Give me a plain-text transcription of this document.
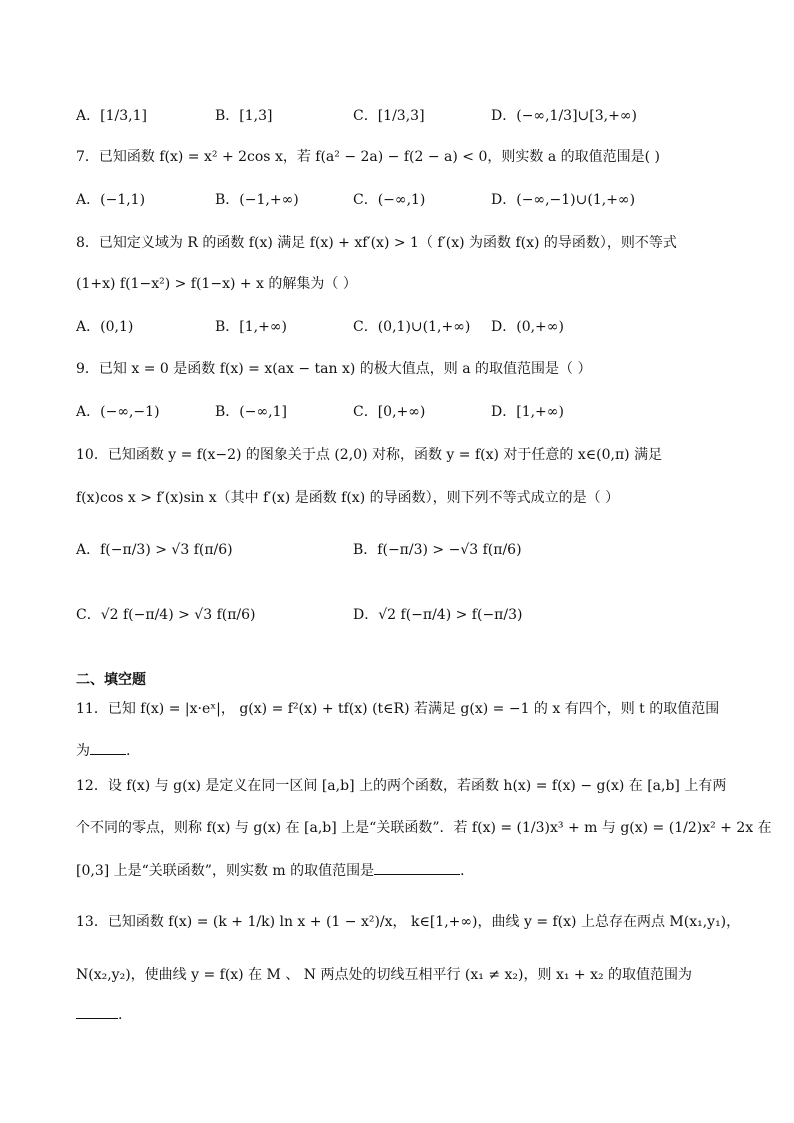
A．[1/3,1]	B．[1,3]	C．[1/3,3]	D．(−∞,1/3]∪[3,+∞)
7．已知函数 f(x) = x² + 2cos x，若 f(a² − 2a) − f(2 − a) < 0，则实数 a 的取值范围是( )
A．(−1,1)	B．(−1,+∞)	C．(−∞,1)	D．(−∞,−1)∪(1,+∞)
8．已知定义域为 R 的函数 f(x) 满足 f(x) + xf′(x) > 1（ f′(x) 为函数 f(x) 的导函数），则不等式
(1+x) f(1−x²) > f(1−x) + x 的解集为（ ）
A．(0,1)	B．[1,+∞)	C．(0,1)∪(1,+∞) D．(0,+∞)
9．已知 x = 0 是函数 f(x) = x(ax − tan x) 的极大值点，则 a 的取值范围是（ ）
A．(−∞,−1)	B．(−∞,1]	C．[0,+∞)	D．[1,+∞)
10．已知函数 y = f(x−2) 的图象关于点 (2,0) 对称，函数 y = f(x) 对于任意的 x∈(0,π) 满足
f(x)cos x > f′(x)sin x（其中 f′(x) 是函数 f(x) 的导函数），则下列不等式成立的是（ ）
A．f(−π/3) > √3 f(π/6)	B．f(−π/3) > −√3 f(π/6)
C．√2 f(−π/4) > √3 f(π/6)	D．√2 f(−π/4) > f(−π/3)
二、填空题
11．已知 f(x) = |x·eˣ|， g(x) = f²(x) + tf(x) (t∈R) 若满足 g(x) = −1 的 x 有四个，则 t 的取值范围
为	.
12．设 f(x) 与 g(x) 是定义在同一区间 [a,b] 上的两个函数，若函数 h(x) = f(x) − g(x) 在 [a,b] 上有两
个不同的零点，则称 f(x) 与 g(x) 在 [a,b] 上是“关联函数”．若 f(x) = (1/3)x³ + m 与 g(x) = (1/2)x² + 2x 在
[0,3] 上是“关联函数”，则实数 m 的取值范围是	．
13．已知函数 f(x) = (k + 1/k) ln x + (1 − x²)/x， k∈[1,+∞)，曲线 y = f(x) 上总存在两点 M(x₁,y₁)，
N(x₂,y₂)，使曲线 y = f(x) 在 M 、 N 两点处的切线互相平行 (x₁ ≠ x₂)，则 x₁ + x₂ 的取值范围为
.
